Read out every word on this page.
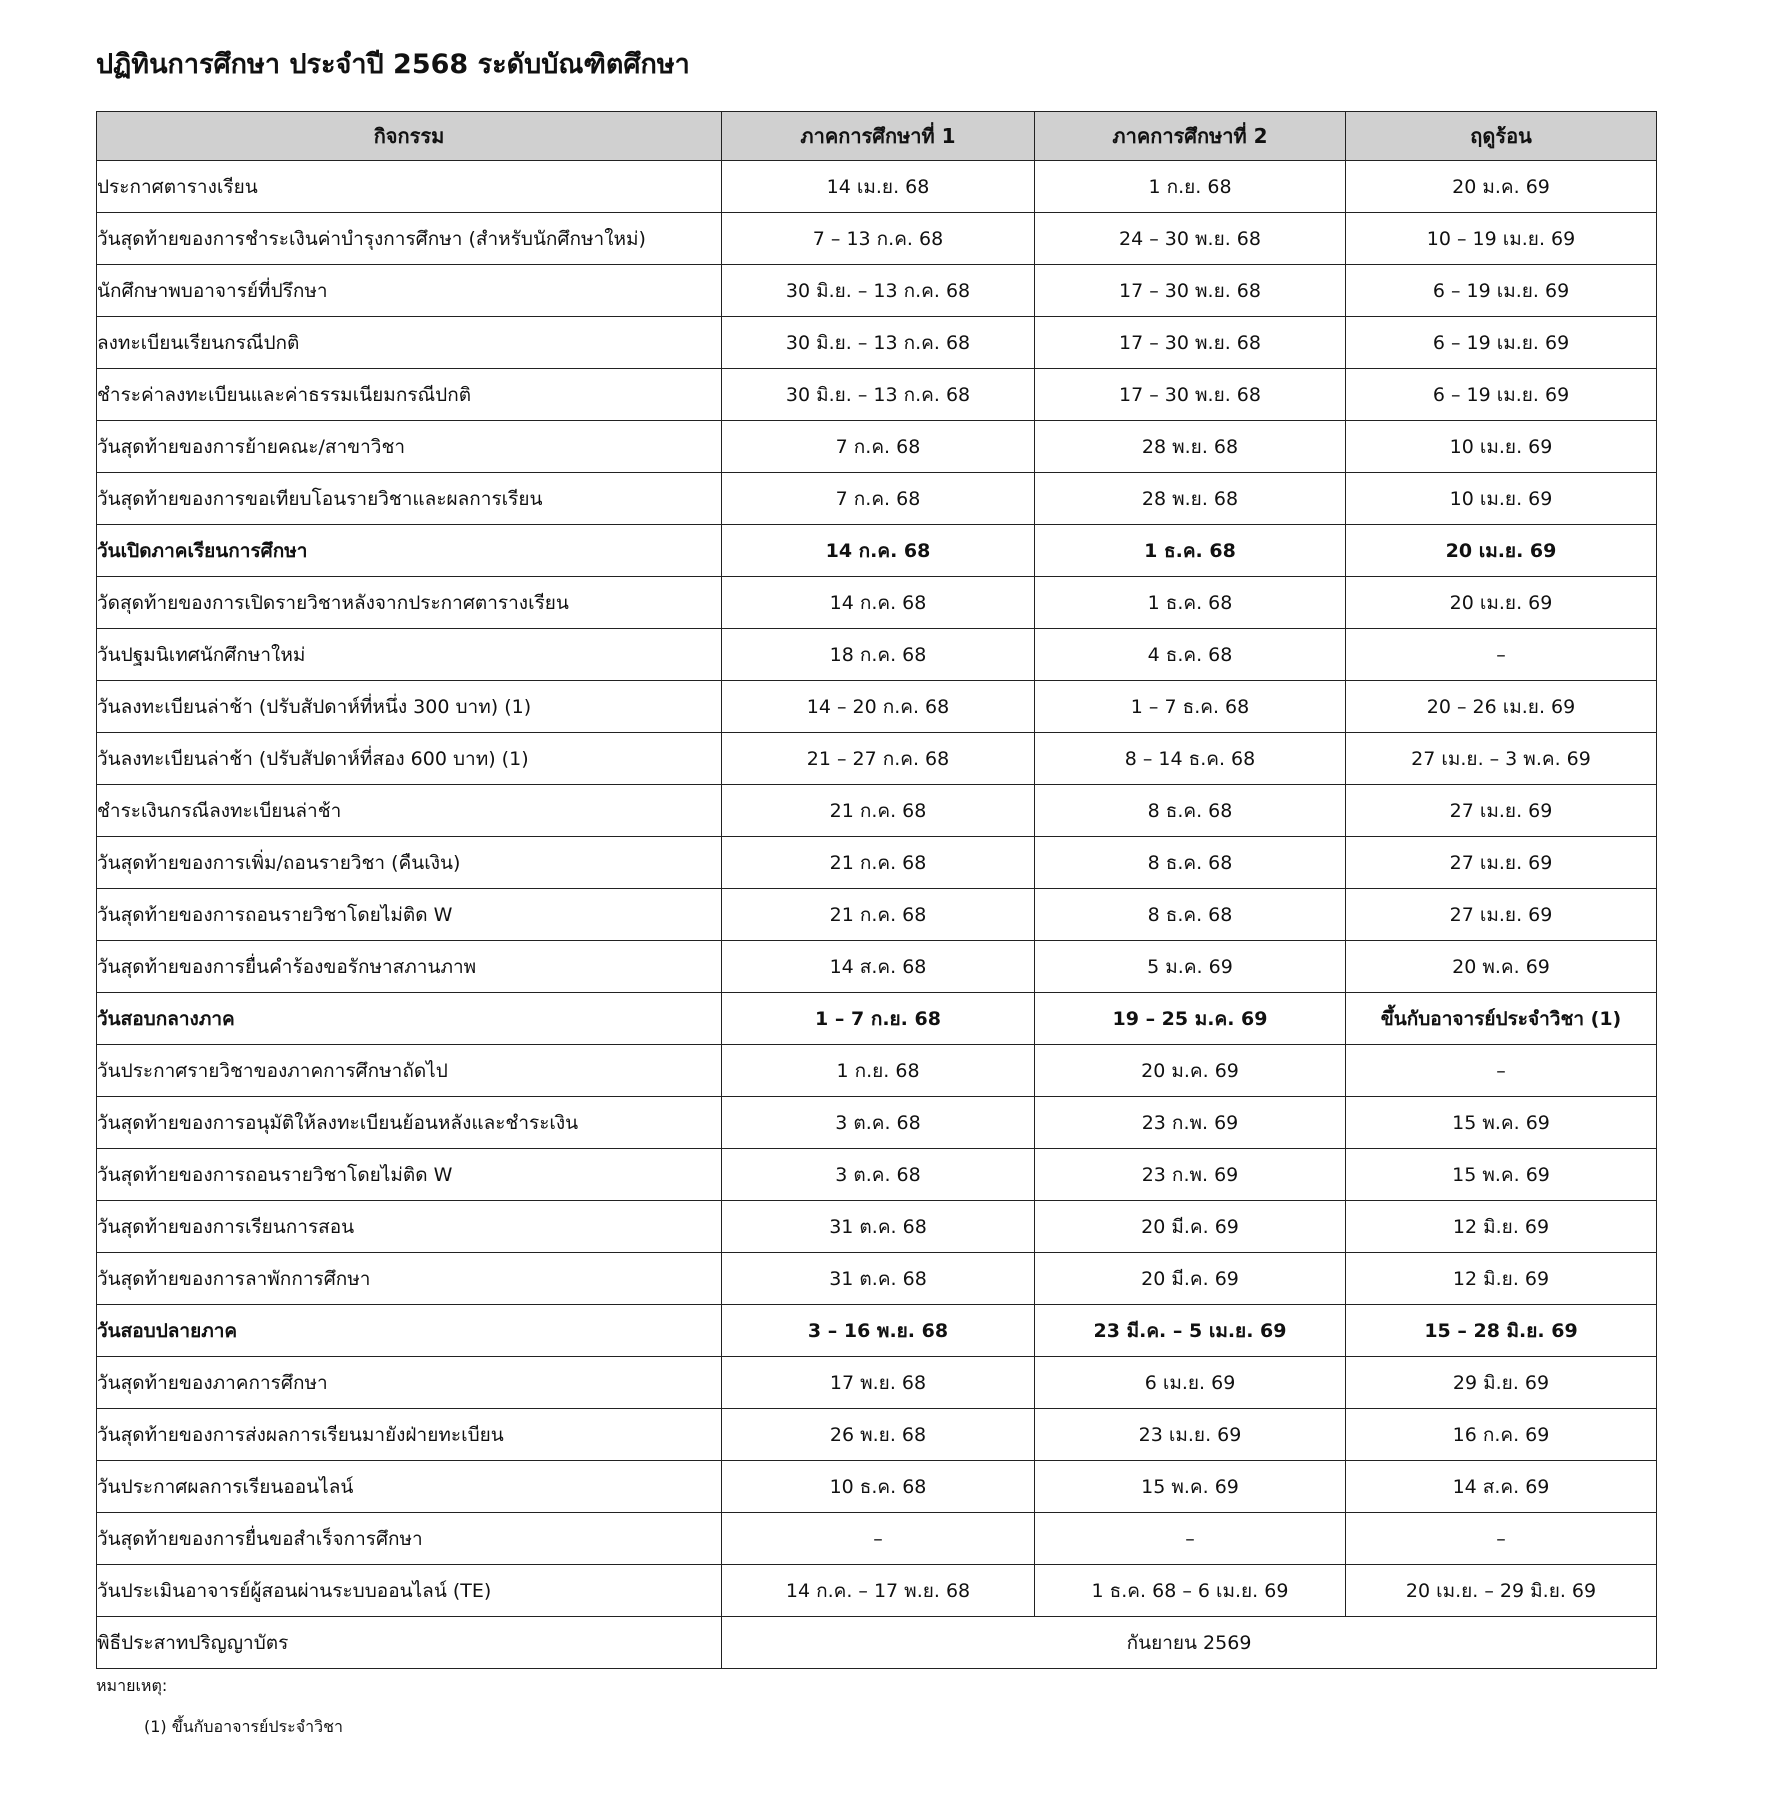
ปฏิทินการศึกษา ประจำปี 2568 ระดับบัณฑิตศึกษา
กิจกรรม	ภาคการศึกษาที่ 1	ภาคการศึกษาที่ 2	ฤดูร้อน
ประกาศตารางเรียน	14 เม.ย. 68	1 ก.ย. 68	20 ม.ค. 69
วันสุดท้ายของการชำระเงินค่าบำรุงการศึกษา (สำหรับนักศึกษาใหม่)	7 – 13 ก.ค. 68	24 – 30 พ.ย. 68	10 – 19 เม.ย. 69
นักศึกษาพบอาจารย์ที่ปรึกษา	30 มิ.ย. – 13 ก.ค. 68	17 – 30 พ.ย. 68	6 – 19 เม.ย. 69
ลงทะเบียนเรียนกรณีปกติ	30 มิ.ย. – 13 ก.ค. 68	17 – 30 พ.ย. 68	6 – 19 เม.ย. 69
ชำระค่าลงทะเบียนและค่าธรรมเนียมกรณีปกติ	30 มิ.ย. – 13 ก.ค. 68	17 – 30 พ.ย. 68	6 – 19 เม.ย. 69
วันสุดท้ายของการย้ายคณะ/สาขาวิชา	7 ก.ค. 68	28 พ.ย. 68	10 เม.ย. 69
วันสุดท้ายของการขอเทียบโอนรายวิชาและผลการเรียน	7 ก.ค. 68	28 พ.ย. 68	10 เม.ย. 69
วันเปิดภาคเรียนการศึกษา	14 ก.ค. 68	1 ธ.ค. 68	20 เม.ย. 69
วัดสุดท้ายของการเปิดรายวิชาหลังจากประกาศตารางเรียน	14 ก.ค. 68	1 ธ.ค. 68	20 เม.ย. 69
วันปฐมนิเทศนักศึกษาใหม่	18 ก.ค. 68	4 ธ.ค. 68	–
วันลงทะเบียนล่าช้า (ปรับสัปดาห์ที่หนึ่ง 300 บาท) (1)	14 – 20 ก.ค. 68	1 – 7 ธ.ค. 68	20 – 26 เม.ย. 69
วันลงทะเบียนล่าช้า (ปรับสัปดาห์ที่สอง 600 บาท) (1)	21 – 27 ก.ค. 68	8 – 14 ธ.ค. 68	27 เม.ย. – 3 พ.ค. 69
ชำระเงินกรณีลงทะเบียนล่าช้า	21 ก.ค. 68	8 ธ.ค. 68	27 เม.ย. 69
วันสุดท้ายของการเพิ่ม/ถอนรายวิชา (คืนเงิน)	21 ก.ค. 68	8 ธ.ค. 68	27 เม.ย. 69
วันสุดท้ายของการถอนรายวิชาโดยไม่ติด W	21 ก.ค. 68	8 ธ.ค. 68	27 เม.ย. 69
วันสุดท้ายของการยื่นคำร้องขอรักษาสภานภาพ	14 ส.ค. 68	5 ม.ค. 69	20 พ.ค. 69
วันสอบกลางภาค	1 – 7 ก.ย. 68	19 – 25 ม.ค. 69	ขึ้นกับอาจารย์ประจำวิชา (1)
วันประกาศรายวิชาของภาคการศึกษาถัดไป	1 ก.ย. 68	20 ม.ค. 69	–
วันสุดท้ายของการอนุมัติให้ลงทะเบียนย้อนหลังและชำระเงิน	3 ต.ค. 68	23 ก.พ. 69	15 พ.ค. 69
วันสุดท้ายของการถอนรายวิชาโดยไม่ติด W	3 ต.ค. 68	23 ก.พ. 69	15 พ.ค. 69
วันสุดท้ายของการเรียนการสอน	31 ต.ค. 68	20 มี.ค. 69	12 มิ.ย. 69
วันสุดท้ายของการลาพักการศึกษา	31 ต.ค. 68	20 มี.ค. 69	12 มิ.ย. 69
วันสอบปลายภาค	3 – 16 พ.ย. 68	23 มี.ค. – 5 เม.ย. 69	15 – 28 มิ.ย. 69
วันสุดท้ายของภาคการศึกษา	17 พ.ย. 68	6 เม.ย. 69	29 มิ.ย. 69
วันสุดท้ายของการส่งผลการเรียนมายังฝ่ายทะเบียน	26 พ.ย. 68	23 เม.ย. 69	16 ก.ค. 69
วันประกาศผลการเรียนออนไลน์	10 ธ.ค. 68	15 พ.ค. 69	14 ส.ค. 69
วันสุดท้ายของการยื่นขอสำเร็จการศึกษา	–	–	–
วันประเมินอาจารย์ผู้สอนผ่านระบบออนไลน์ (TE)	14 ก.ค. – 17 พ.ย. 68	1 ธ.ค. 68 – 6 เม.ย. 69	20 เม.ย. – 29 มิ.ย. 69
พิธีประสาทปริญญาบัตร	กันยายน 2569		
หมายเหตุ:
(1) ขึ้นกับอาจารย์ประจำวิชา
